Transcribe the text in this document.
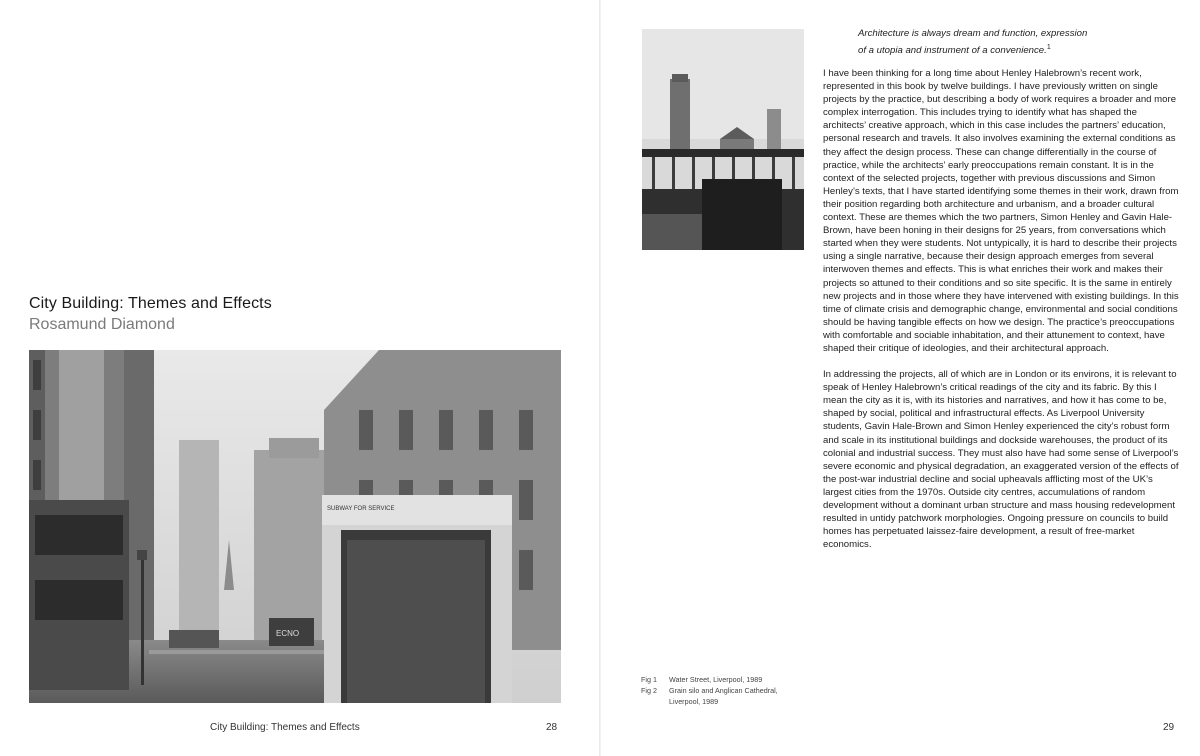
City Building: Themes and Effects
Rosamund Diamond
SUBWAY FOR SERVICE
ECNO
City Building: Themes and Effects	28

Architecture is always dream and function, expression
of a utopia and instrument of a convenience.$^1$

I have been thinking for a long time about Henley Halebrown’s recent work, represented in this book by twelve buildings. I have previously written on single projects by the practice, but describing a body of work requires a broader and more complex interrogation. This includes trying to identify what has shaped the architects’ creative approach, which in this case includes the partners’ education, personal research and travels. It also involves examining the external conditions as they affect the design process. These can change differentially in the course of practice, while the architects’ early preoccupations remain constant. It is in the context of the selected projects, together with previous discussions and Simon Henley’s texts, that I have started identifying some themes in their work, drawn from their position regarding both architecture and urbanism, and a broader cultural context. These are themes which the two partners, Simon Henley and Gavin Hale-Brown, have been honing in their designs for 25 years, from conversations which started when they were students. Not untypically, it is hard to describe their projects using a single narrative, because their design approach emerges from several interwoven themes and effects. This is what enriches their work and makes their projects so attuned to their conditions and so site specific. It is the same in entirely new projects and in those where they have intervened with existing buildings. In this time of climate crisis and demographic change, environmental and social conditions should be having tangible effects on how we design. The practice’s preoccupations with comfortable and sociable inhabitation, and their attunement to context, have shaped their critique of ideologies, and their architectural approach.

In addressing the projects, all of which are in London or its environs, it is relevant to speak of Henley Halebrown’s critical readings of the city and its fabric. By this I mean the city as it is, with its histories and narratives, and how it has come to be, shaped by social, political and infrastructural effects. As Liverpool University students, Gavin Hale-Brown and Simon Henley experienced the city’s robust form and scale in its institutional buildings and dockside warehouses, the product of its colonial and industrial success. They must also have had some sense of Liverpool’s severe economic and physical degradation, an exaggerated version of the effects of the post-war industrial decline and social upheavals afflicting most of the UK’s largest cities from the 1970s. Outside city centres, accumulations of random development without a dominant urban structure and mass housing redevelopment resulted in untidy patchwork morphologies. Ongoing pressure on councils to build homes has perpetuated laissez-faire development, a result of free-market economics.

Fig 1	Water Street, Liverpool, 1989
Fig 2	Grain silo and Anglican Cathedral, Liverpool, 1989
29
